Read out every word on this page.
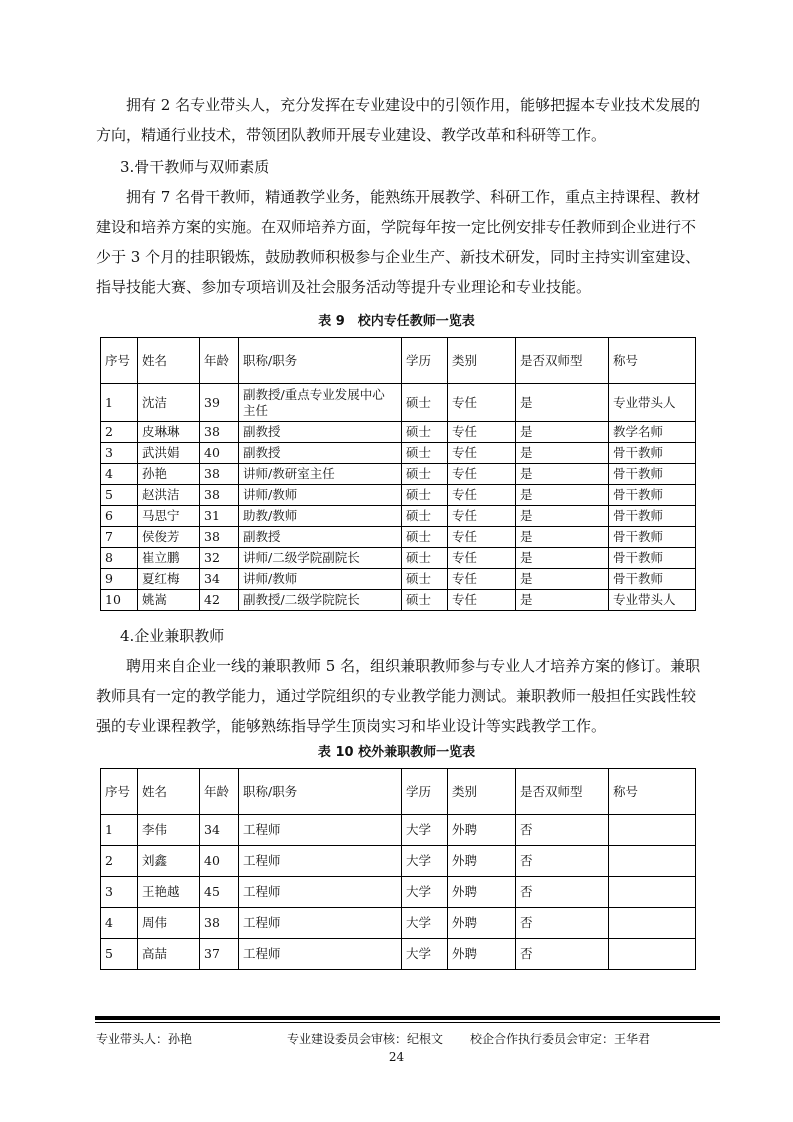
拥有 2 名专业带头人，充分发挥在专业建设中的引领作用，能够把握本专业技术发展的方向，精通行业技术，带领团队教师开展专业建设、教学改革和科研等工作。

3.骨干教师与双师素质

拥有 7 名骨干教师，精通教学业务，能熟练开展教学、科研工作，重点主持课程、教材建设和培养方案的实施。在双师培养方面，学院每年按一定比例安排专任教师到企业进行不少于 3 个月的挂职锻炼，鼓励教师积极参与企业生产、新技术研发，同时主持实训室建设、指导技能大赛、参加专项培训及社会服务活动等提升专业理论和专业技能。

表 9　校内专任教师一览表

序号	姓名	年龄	职称/职务	学历	类别	是否双师型	称号
1	沈洁	39	副教授/重点专业发展中心主任	硕士	专任	是	专业带头人
2	皮琳琳	38	副教授	硕士	专任	是	教学名师
3	武洪娟	40	副教授	硕士	专任	是	骨干教师
4	孙艳	38	讲师/教研室主任	硕士	专任	是	骨干教师
5	赵洪洁	38	讲师/教师	硕士	专任	是	骨干教师
6	马思宁	31	助教/教师	硕士	专任	是	骨干教师
7	侯俊芳	38	副教授	硕士	专任	是	骨干教师
8	崔立鹏	32	讲师/二级学院副院长	硕士	专任	是	骨干教师
9	夏红梅	34	讲师/教师	硕士	专任	是	骨干教师
10	姚嵩	42	副教授/二级学院院长	硕士	专任	是	专业带头人

4.企业兼职教师

聘用来自企业一线的兼职教师 5 名，组织兼职教师参与专业人才培养方案的修订。兼职教师具有一定的教学能力，通过学院组织的专业教学能力测试。兼职教师一般担任实践性较强的专业课程教学，能够熟练指导学生顶岗实习和毕业设计等实践教学工作。

表 10 校外兼职教师一览表

序号	姓名	年龄	职称/职务	学历	类别	是否双师型	称号
1	李伟	34	工程师	大学	外聘	否	
2	刘鑫	40	工程师	大学	外聘	否	
3	王艳越	45	工程师	大学	外聘	否	
4	周伟	38	工程师	大学	外聘	否	
5	高喆	37	工程师	大学	外聘	否	
专业带头人：孙艳	专业建设委员会审核：纪根文 校企合作执行委员会审定：王华君
24
